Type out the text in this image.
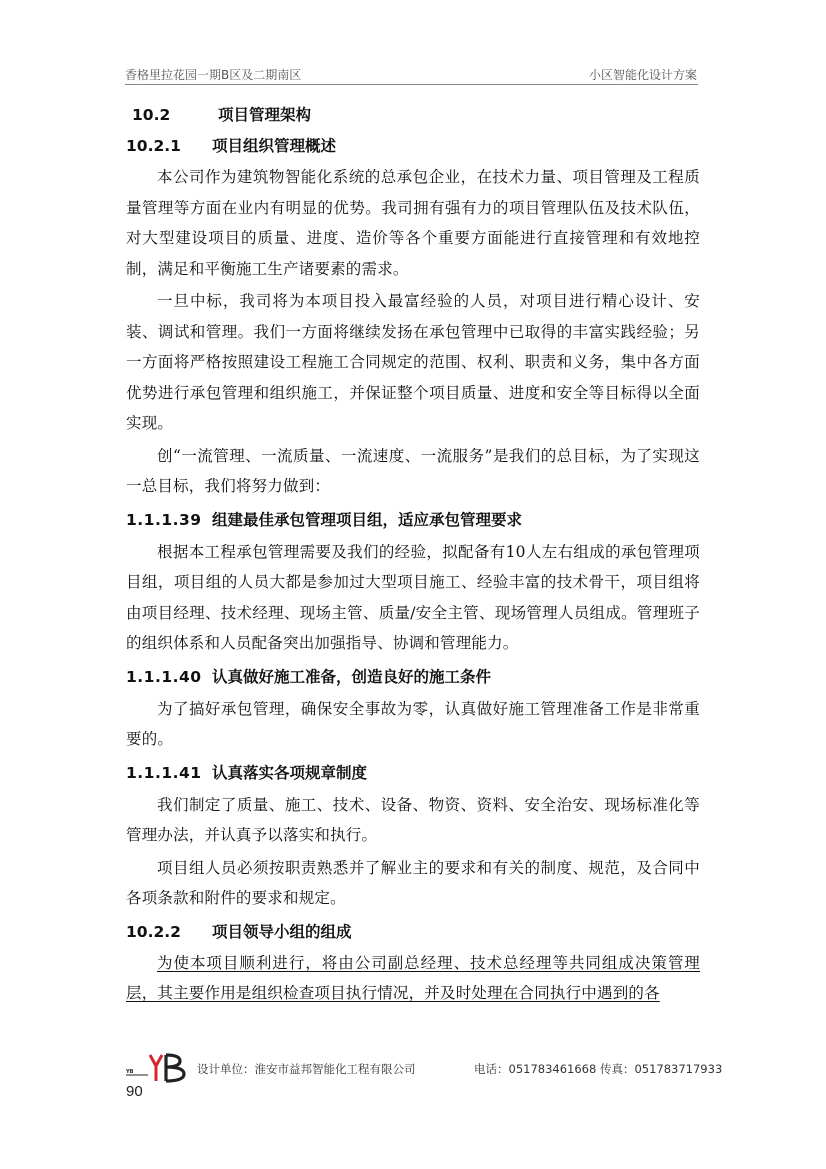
香格里拉花园一期B区及二期南区	小区智能化设计方案
10.2	项目管理架构
10.2.1 项目组织管理概述

本公司作为建筑物智能化系统的总承包企业，在技术力量、项目管理及工程质量管理等方面在业内有明显的优势。我司拥有强有力的项目管理队伍及技术队伍，对大型建设项目的质量、进度、造价等各个重要方面能进行直接管理和有效地控制，满足和平衡施工生产诸要素的需求。

一旦中标，我司将为本项目投入最富经验的人员，对项目进行精心设计、安装、调试和管理。我们一方面将继续发扬在承包管理中已取得的丰富实践经验；另一方面将严格按照建设工程施工合同规定的范围、权利、职责和义务，集中各方面优势进行承包管理和组织施工，并保证整个项目质量、进度和安全等目标得以全面实现。

创“一流管理、一流质量、一流速度、一流服务”是我们的总目标，为了实现这一总目标，我们将努力做到：

1.1.1.39 组建最佳承包管理项目组，适应承包管理要求

根据本工程承包管理需要及我们的经验，拟配备有10人左右组成的承包管理项目组，项目组的人员大都是参加过大型项目施工、经验丰富的技术骨干，项目组将由项目经理、技术经理、现场主管、质量/安全主管、现场管理人员组成。管理班子的组织体系和人员配备突出加强指导、协调和管理能力。

1.1.1.40 认真做好施工准备，创造良好的施工条件

为了搞好承包管理，确保安全事故为零，认真做好施工管理准备工作是非常重要的。

1.1.1.41 认真落实各项规章制度

我们制定了质量、施工、技术、设备、物资、资料、安全治安、现场标准化等管理办法，并认真予以落实和执行。

项目组人员必须按职责熟悉并了解业主的要求和有关的制度、规范，及合同中各项条款和附件的要求和规定。

10.2.2 项目领导小组的组成

为使本项目顺利进行，将由公司副总经理、技术总经理等共同组成决策管理层，其主要作用是组织检查项目执行情况，并及时处理在合同执行中遇到的各

YB	设计单位：淮安市益邦智能化工程有限公司	电话：051783461668 传真：051783717933
90
